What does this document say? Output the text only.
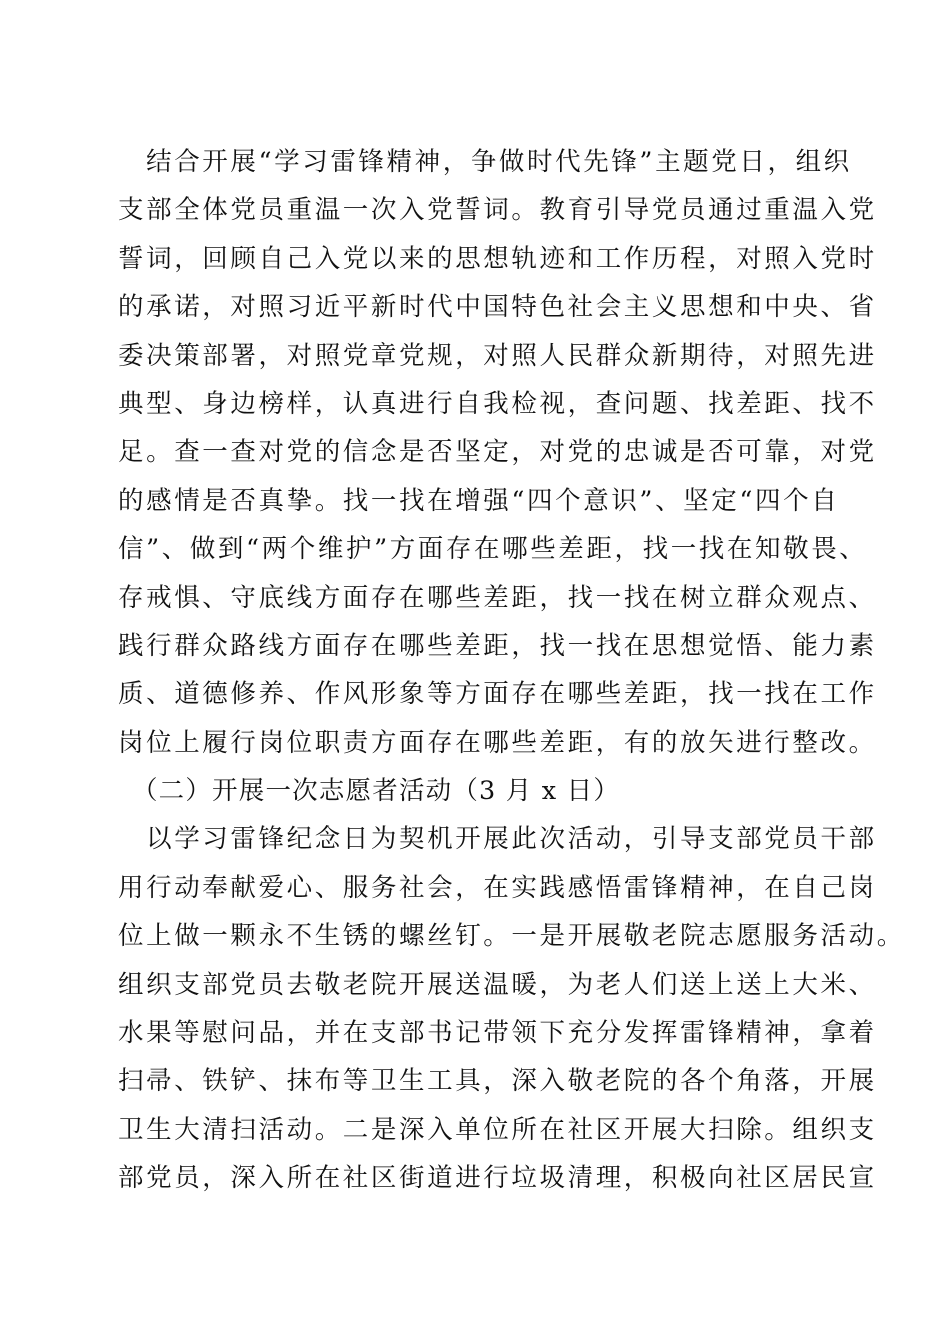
　结合开展“学习雷锋精神，争做时代先锋”主题党日，组织

支部全体党员重温一次入党誓词。教育引导党员通过重温入党

誓词，回顾自己入党以来的思想轨迹和工作历程，对照入党时

的承诺，对照习近平新时代中国特色社会主义思想和中央、省

委决策部署，对照党章党规，对照人民群众新期待，对照先进

典型、身边榜样，认真进行自我检视，查问题、找差距、找不

足。查一查对党的信念是否坚定，对党的忠诚是否可靠，对党

的感情是否真挚。找一找在增强“四个意识”、坚定“四个自

信”、做到“两个维护”方面存在哪些差距，找一找在知敬畏、

存戒惧、守底线方面存在哪些差距，找一找在树立群众观点、

践行群众路线方面存在哪些差距，找一找在思想觉悟、能力素

质、道德修养、作风形象等方面存在哪些差距，找一找在工作

岗位上履行岗位职责方面存在哪些差距，有的放矢进行整改。

　（二）开展一次志愿者活动（3 月 x 日）

　以学习雷锋纪念日为契机开展此次活动，引导支部党员干部

用行动奉献爱心、服务社会，在实践感悟雷锋精神，在自己岗

位上做一颗永不生锈的螺丝钉。一是开展敬老院志愿服务活动。

组织支部党员去敬老院开展送温暖，为老人们送上送上大米、

水果等慰问品，并在支部书记带领下充分发挥雷锋精神，拿着

扫帚、铁铲、抹布等卫生工具，深入敬老院的各个角落，开展

卫生大清扫活动。二是深入单位所在社区开展大扫除。组织支

部党员，深入所在社区街道进行垃圾清理，积极向社区居民宣
